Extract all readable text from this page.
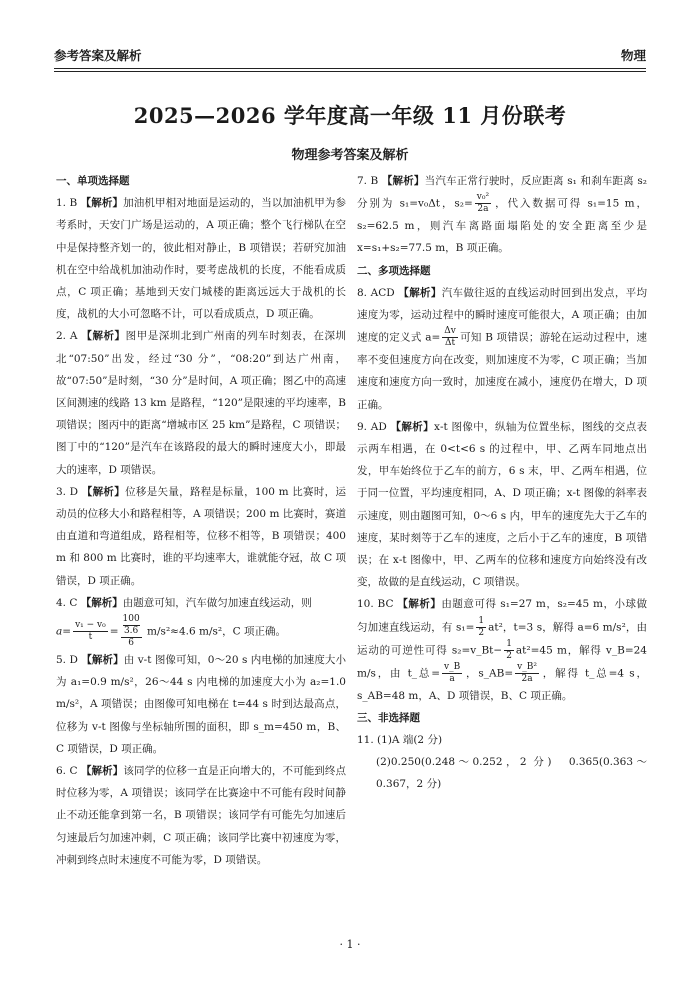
参考答案及解析	物理
2025—2026 学年度高一年级 11 月份联考
物理参考答案及解析
一、单项选择题
1. B 【解析】加油机甲相对地面是运动的，当以加油机甲为参考系时，天安门广场是运动的，A 项正确；整个飞行梯队在空中是保持整齐划一的，彼此相对静止，B 项错误；若研究加油机在空中给战机加油动作时，要考虑战机的长度，不能看成质点，C 项正确；基地到天安门城楼的距离远远大于战机的长度，战机的大小可忽略不计，可以看成质点，D 项正确。
2. A 【解析】图甲是深圳北到广州南的列车时刻表，在深圳北“07:50”出发，经过“30 分”，“08:20”到达广州南，故“07:50”是时刻，“30 分”是时间，A 项正确；图乙中的高速区间测速的线路 13 km 是路程，“120”是限速的平均速率，B 项错误；图丙中的距离“增城市区 25 km”是路程，C 项错误；图丁中的“120”是汽车在该路段的最大的瞬时速度大小，即最大的速率，D 项错误。
3. D 【解析】位移是矢量，路程是标量，100 m 比赛时，运动员的位移大小和路程相等，A 项错误；200 m 比赛时，赛道由直道和弯道组成，路程相等，位移不相等，B 项错误；400 m 和 800 m 比赛时，谁的平均速率大，谁就能夺冠，故 C 项错误，D 项正确。
4. C 【解析】由题意可知，汽车做匀加速直线运动，则
$a= \frac{\text{v₁ − v₀}}{t} = \frac{\frac{100}{3.6}}{6} m/s^2\approx 4.6$ m/s²，C 项正确。
5. D 【解析】由 v‑t 图像可知，0～20 s 内电梯的加速度大小为 a₁=0.9 m/s²，26～44 s 内电梯的加速度大小为 a₂=1.0 m/s²，A 项错误；由图像可知电梯在 t=44 s 时到达最高点，位移为 v‑t 图像与坐标轴所围的面积，即 s_m=450 m，B、C 项错误，D 项正确。
6. C 【解析】该同学的位移一直是正向增大的，不可能到终点时位移为零，A 项错误；该同学在比赛途中不可能有段时间静止不动还能拿到第一名，B 项错误；该同学有可能先匀加速后匀速最后匀加速冲刺，C 项正确；该同学比赛中初速度为零，冲刺到终点时末速度不可能为零，D 项错误。
7. B 【解析】当汽车正常行驶时，反应距离 s₁ 和刹车距离 s₂ 分别为 s₁=v₀Δt，$s_2= \frac{\text{v₀²}}{2a}$ ，代入数据可得 s₁=15 m，s₂=62.5 m，则汽车离路面塌陷处的安全距离至少是 x=s₁+s₂=77.5 m，B 项正确。
二、多项选择题
8. ACD 【解析】汽车做往返的直线运动时回到出发点，平均速度为零，运动过程中的瞬时速度可能很大，A 项正确；由加速度的定义式 $a= \frac{\Delta v}{\Delta t}$ 可知 B 项错误；游轮在运动过程中，速率不变但速度方向在改变，则加速度不为零，C 项正确；当加速度和速度方向一致时，加速度在减小，速度仍在增大，D 项正确。
9. AD 【解析】x‑t 图像中，纵轴为位置坐标，图线的交点表示两车相遇，在 0<t<6 s 的过程中，甲、乙两车同地点出发，甲车始终位于乙车的前方，6 s 末，甲、乙两车相遇，位于同一位置，平均速度相同，A、D 项正确；x‑t 图像的斜率表示速度，则由题图可知，0～6 s 内，甲车的速度先大于乙车的速度，某时刻等于乙车的速度，之后小于乙车的速度，B 项错误；在 x‑t 图像中，甲、乙两车的位移和速度方向始终没有改变，故做的是直线运动，C 项错误。
10. BC 【解析】由题意可得 s₁=27 m，s₂=45 m，小球做匀加速直线运动，有 $s_1= \frac{1}{2} at^2$，t=3 s，解得 a=6 m/s²，由运动的可逆性可得 s₂=v_Bt− $\frac{1}{2} at^2=45$ m，解得 v_B=24 m/s，由 t_总= $\frac{v\_B}{a}$ ，s_AB= $\frac{\text{v\_B²}}{2a}$ ，解得 t_总=4 s，s_AB=48 m，A、D 项错误，B、C 项正确。
三、非选择题
11. (1)A 端(2 分)
(2)0.250(0.248～0.252，2 分)　0.365(0.363～0.367，2 分)
· 1 ·
